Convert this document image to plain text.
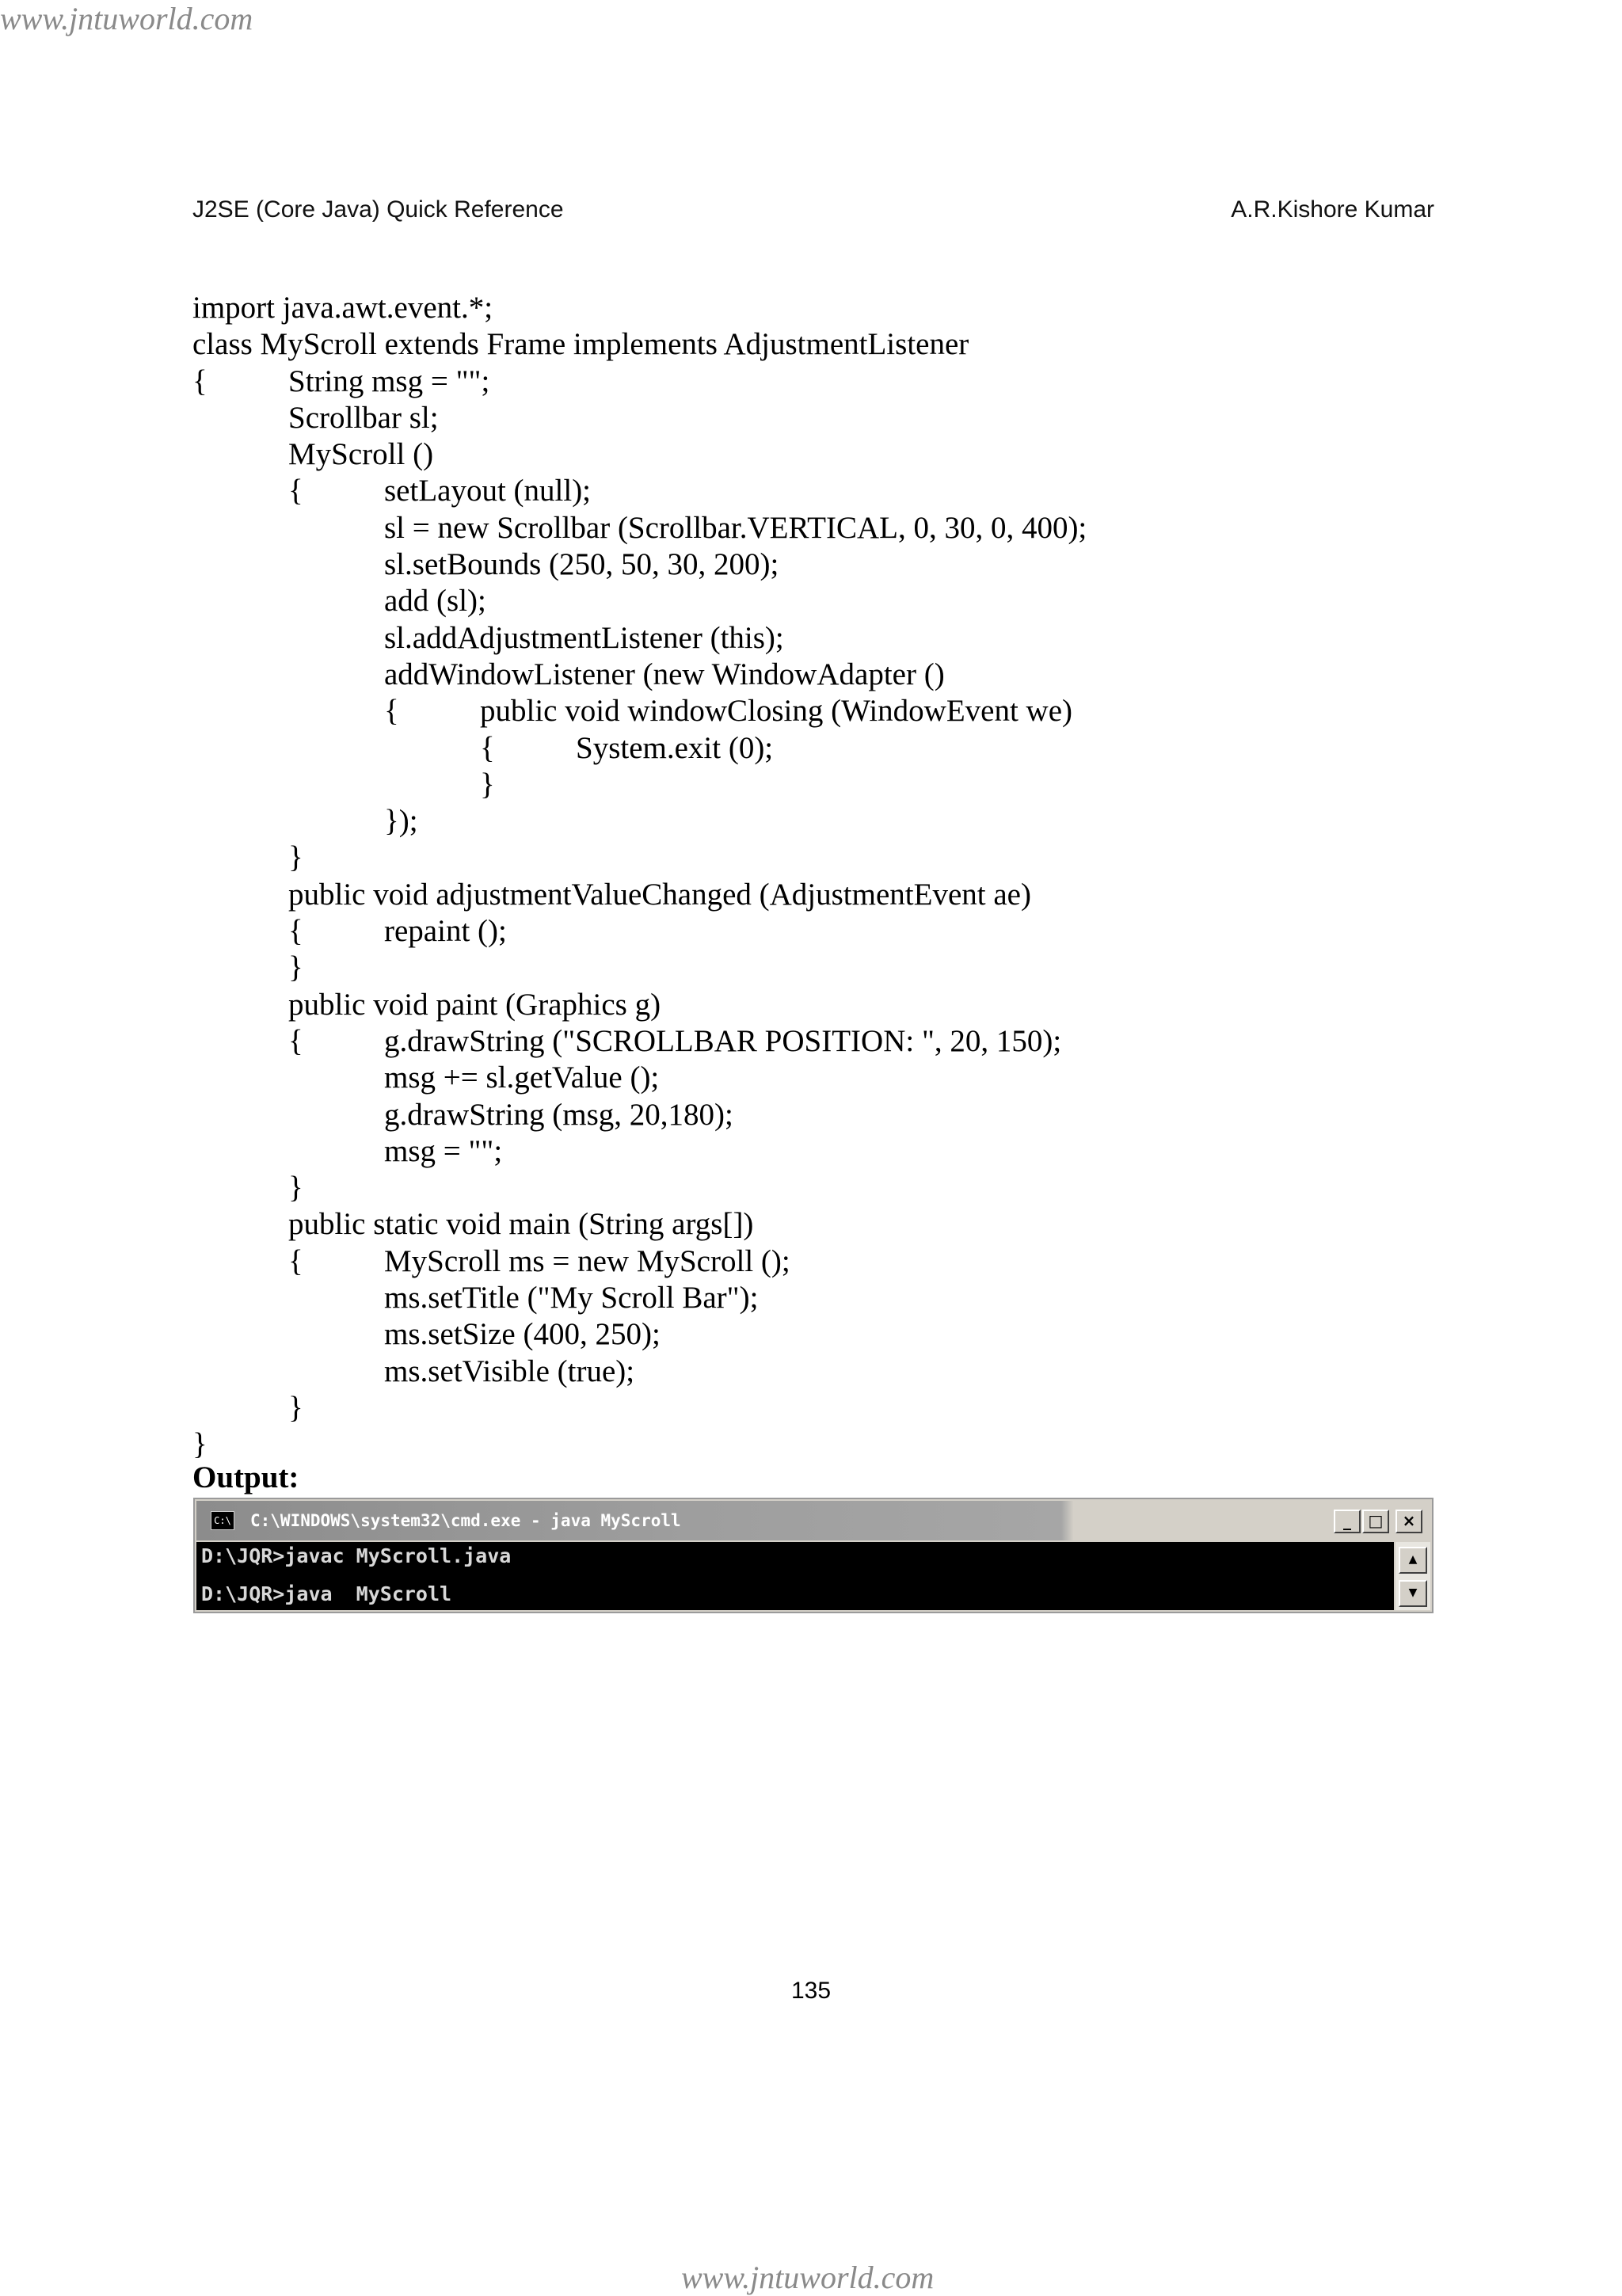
www.jntuworld.com
J2SE (Core Java) Quick Reference	A.R.Kishore Kumar
import java.awt.event.*;
class MyScroll extends Frame implements AdjustmentListener
{	String msg = "";
Scrollbar sl;
MyScroll ()
{	setLayout (null);
sl = new Scrollbar (Scrollbar.VERTICAL, 0, 30, 0, 400);
sl.setBounds (250, 50, 30, 200);
add (sl);
sl.addAdjustmentListener (this);
addWindowListener (new WindowAdapter ()
{	public void windowClosing (WindowEvent we)
{	System.exit (0);
}
});
}
public void adjustmentValueChanged (AdjustmentEvent ae)
{	repaint ();
}
public void paint (Graphics g)
{	g.drawString ("SCROLLBAR POSITION: ", 20, 150);
msg += sl.getValue ();
g.drawString (msg, 20,180);
msg = "";
}
public static void main (String args[])
{	MyScroll ms = new MyScroll ();
ms.setTitle ("My Scroll Bar");
ms.setSize (400, 250);
ms.setVisible (true);
}
}
Output:
C:\ C:\WINDOWS\system32\cmd.exe - java MyScroll	_	□	×
D:\JQR>javac MyScroll.java
D:\JQR>java  MyScroll
▲
▼
135
www.jntuworld.com
